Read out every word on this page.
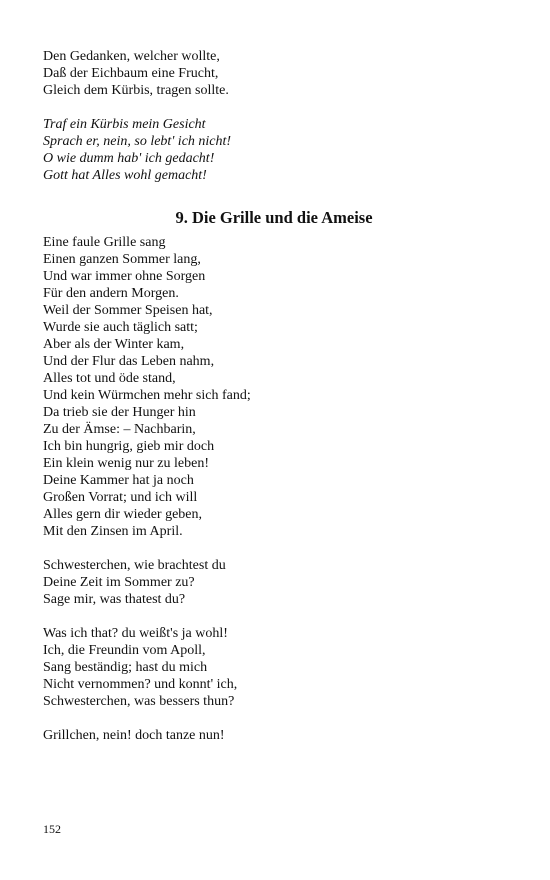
Den Gedanken, welcher wollte,
Daß der Eichbaum eine Frucht,
Gleich dem Kürbis, tragen sollte.
Traf ein Kürbis mein Gesicht
Sprach er, nein, so lebt' ich nicht!
O wie dumm hab' ich gedacht!
Gott hat Alles wohl gemacht!
9. Die Grille und die Ameise
Eine faule Grille sang
Einen ganzen Sommer lang,
Und war immer ohne Sorgen
Für den andern Morgen.
Weil der Sommer Speisen hat,
Wurde sie auch täglich satt;
Aber als der Winter kam,
Und der Flur das Leben nahm,
Alles tot und öde stand,
Und kein Würmchen mehr sich fand;
Da trieb sie der Hunger hin
Zu der Ämse: – Nachbarin,
Ich bin hungrig, gieb mir doch
Ein klein wenig nur zu leben!
Deine Kammer hat ja noch
Großen Vorrat; und ich will
Alles gern dir wieder geben,
Mit den Zinsen im April.
Schwesterchen, wie brachtest du
Deine Zeit im Sommer zu?
Sage mir, was thatest du?
Was ich that? du weißt's ja wohl!
Ich, die Freundin vom Apoll,
Sang beständig; hast du mich
Nicht vernommen? und konnt' ich,
Schwesterchen, was bessers thun?
Grillchen, nein! doch tanze nun!
152
